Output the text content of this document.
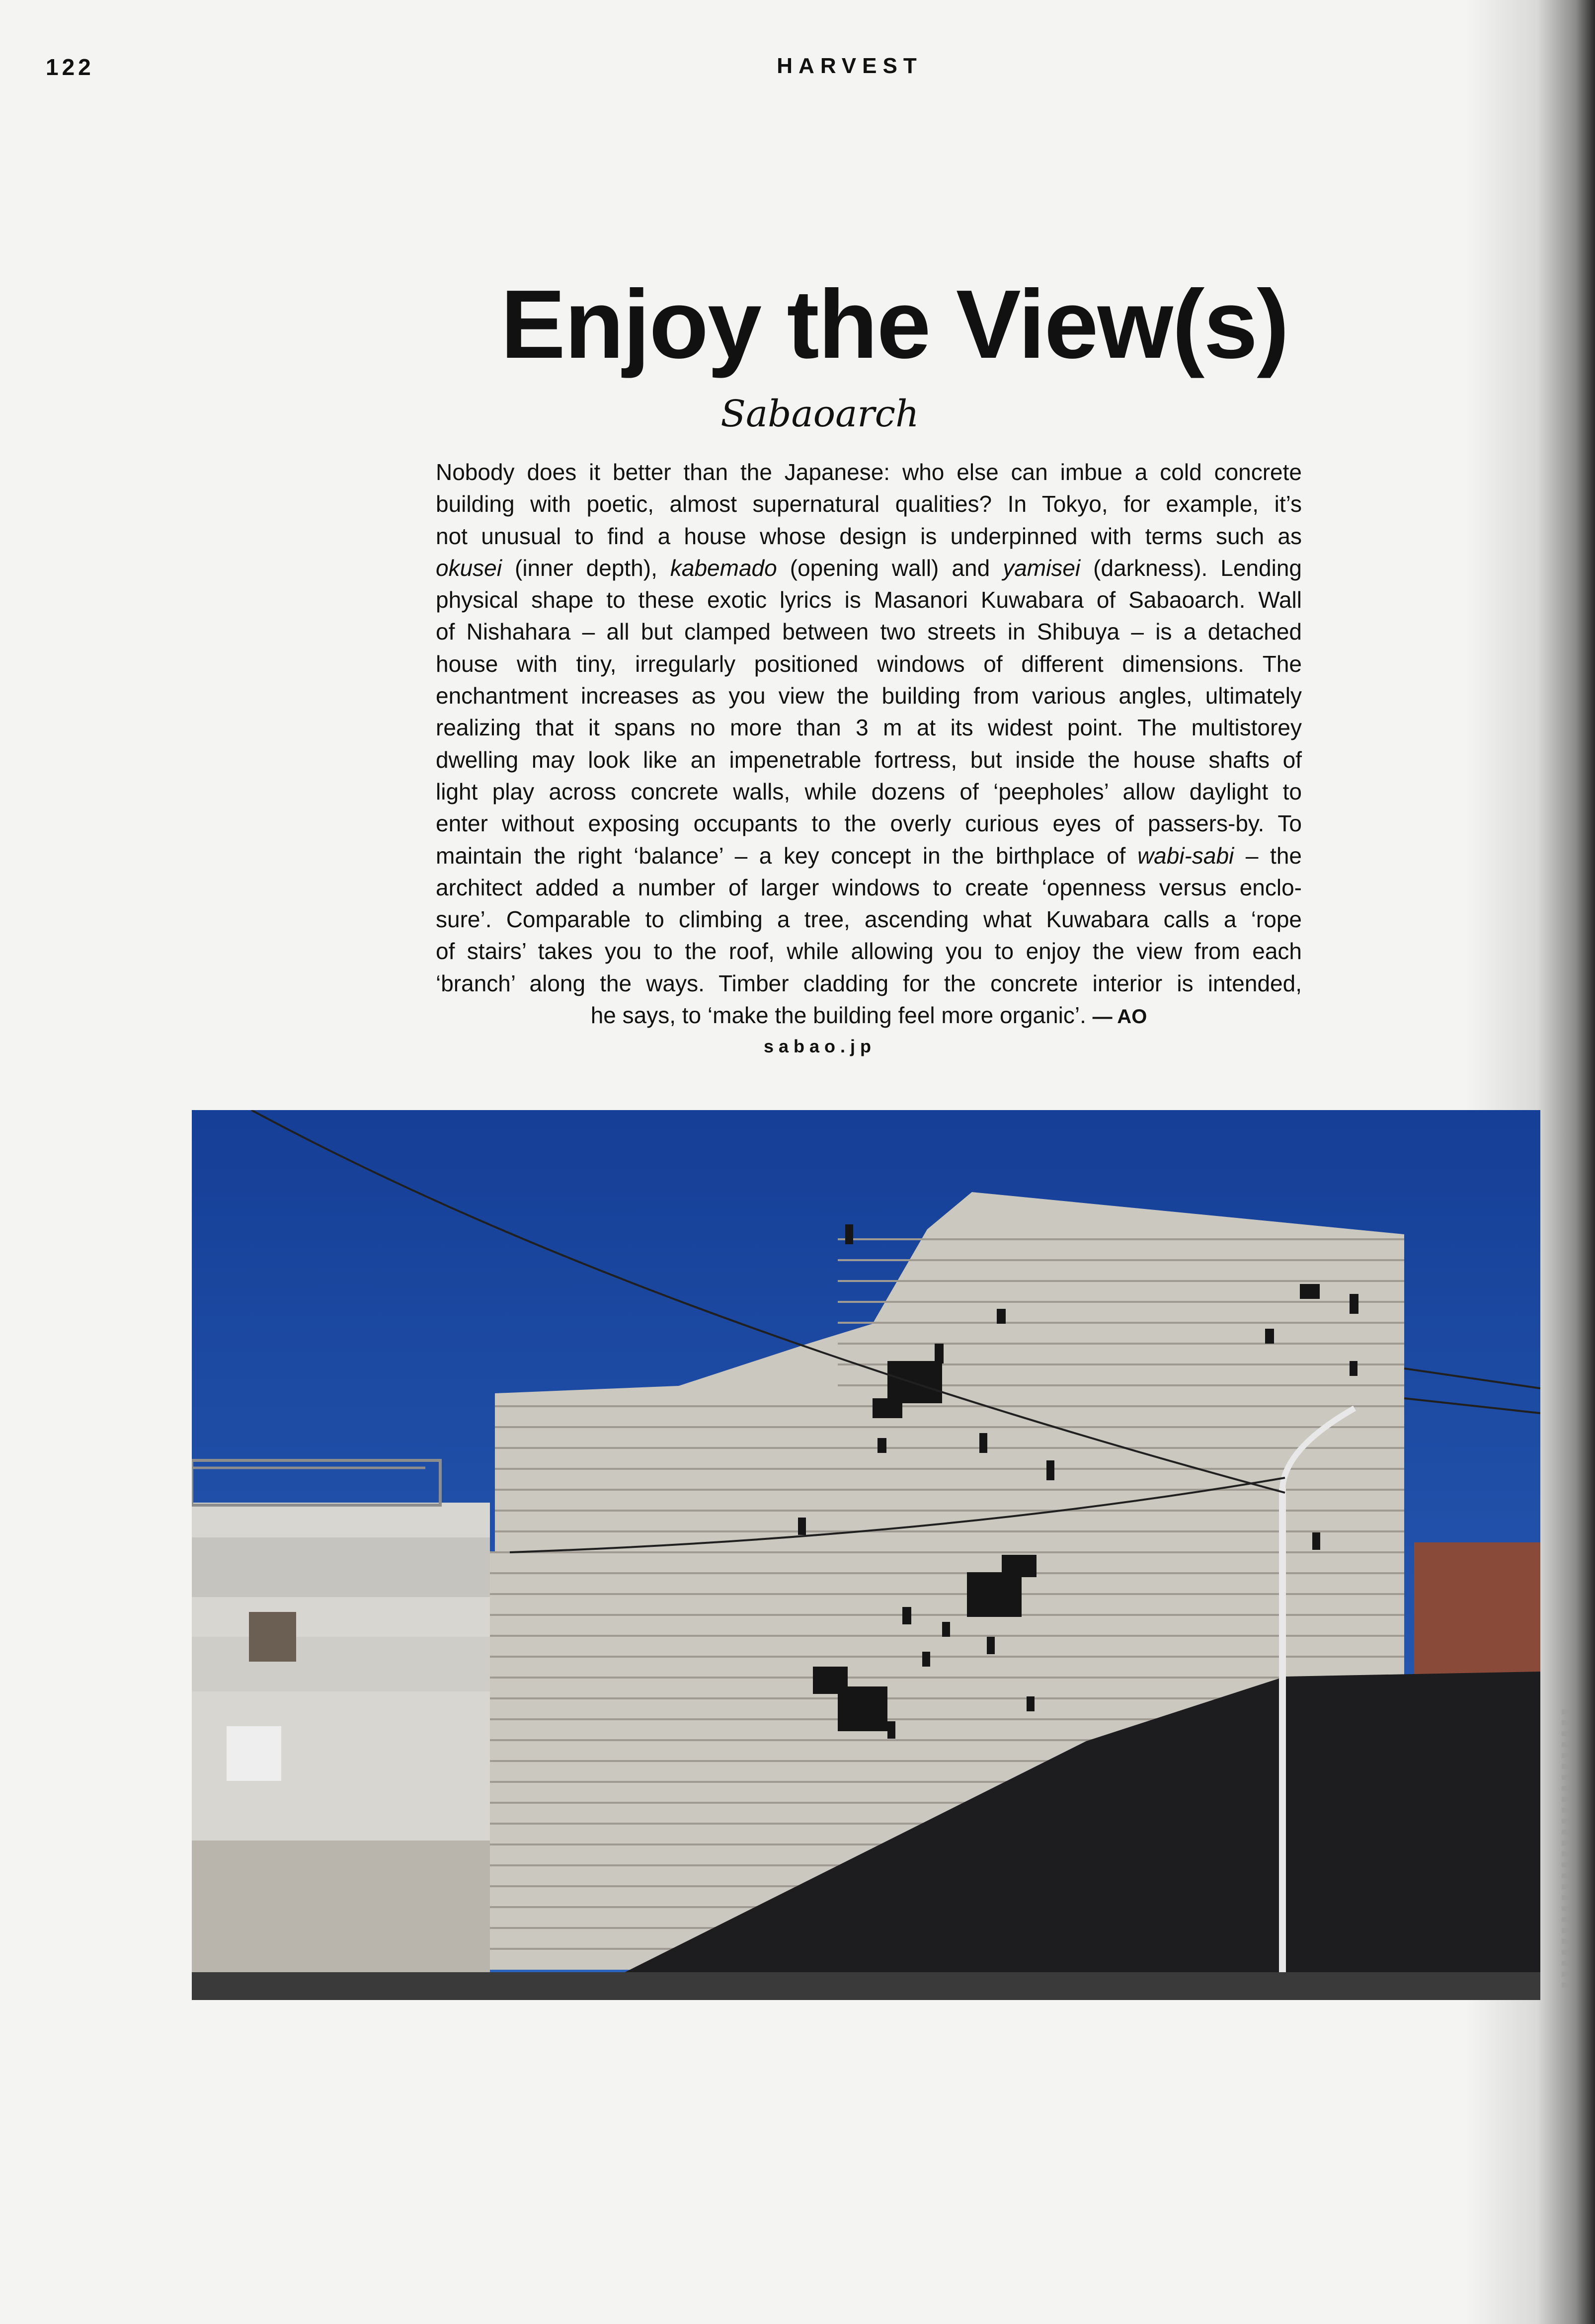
122	HARVEST
Enjoy the View(s)
Sabaoarch
Nobody does it better than the Japanese: who else can imbue a cold concrete
building with poetic, almost supernatural qualities? In Tokyo, for example, it’s
not unusual to find a house whose design is underpinned with terms such as
okusei (inner depth), kabemado (opening wall) and yamisei (darkness). Lending
physical shape to these exotic lyrics is Masanori Kuwabara of Sabaoarch. Wall
of Nishahara – all but clamped between two streets in Shibuya – is a detached
house with tiny, irregularly positioned windows of different dimensions. The
enchantment increases as you view the building from various angles, ultimately
realizing that it spans no more than 3 m at its widest point. The multistorey
dwelling may look like an impenetrable fortress, but inside the house shafts of
light play across concrete walls, while dozens of ‘peepholes’ allow daylight to
enter without exposing occupants to the overly curious eyes of passers-by. To
maintain the right ‘balance’ – a key concept in the birthplace of wabi-sabi – the
architect added a number of larger windows to create ‘openness versus enclo-
sure’. Comparable to climbing a tree, ascending what Kuwabara calls a ‘rope
of stairs’ takes you to the roof, while allowing you to enjoy the view from each
‘branch’ along the ways. Timber cladding for the concrete interior is intended,
he says, to ‘make the building feel more organic’. — AO
sabao.jp
